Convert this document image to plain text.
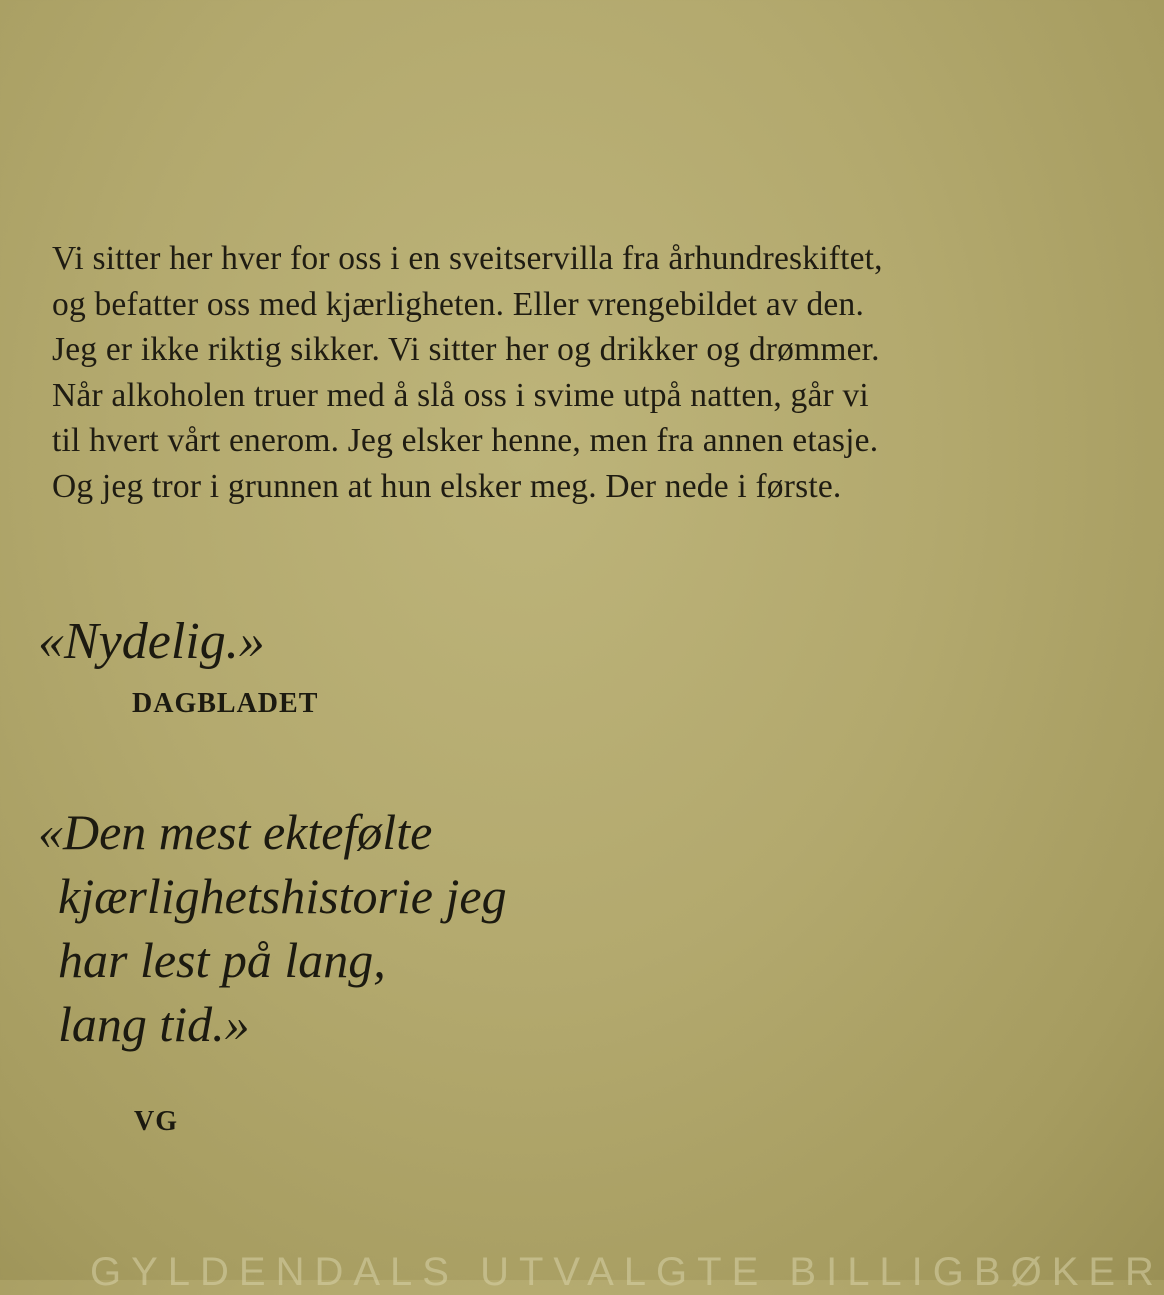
Vi sitter her hver for oss i en sveitservilla fra århundreskiftet,
og befatter oss med kjærligheten. Eller vrengebildet av den.
Jeg er ikke riktig sikker. Vi sitter her og drikker og drømmer.
Når alkoholen truer med å slå oss i svime utpå natten, går vi
til hvert vårt enerom. Jeg elsker henne, men fra annen etasje.
Og jeg tror i grunnen at hun elsker meg. Der nede i første.
«Nydelig.»
DAGBLADET
«Den mest ektefølte
kjærlighetshistorie jeg
har lest på lang,
lang tid.»
VG
GYLDENDALS UTVALGTE BILLIGBØKER
